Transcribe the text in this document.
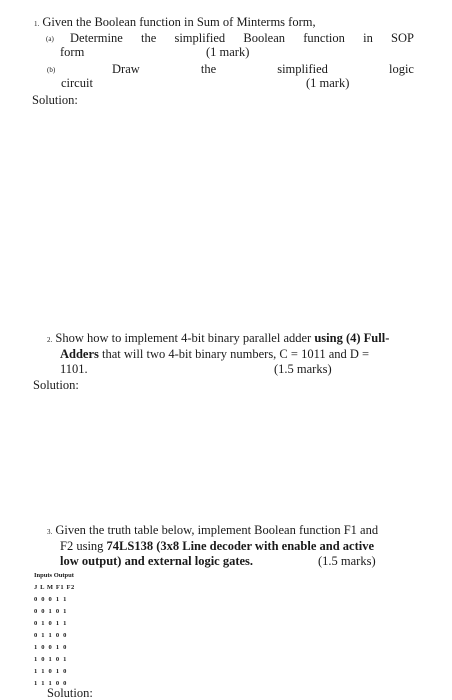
1. Given the Boolean function in Sum of Minterms form,
(a) Determine the simplified Boolean function in SOP
form	(1 mark)
(b)	Draw	the	simplified	logic
circuit	(1 mark)
Solution:
2. Show how to implement 4-bit binary parallel adder using (4) Full-
Adders that will two 4-bit binary numbers, C = 1011 and D =
1101.	(1.5 marks)
Solution:
3. Given the truth table below, implement Boolean function F1 and
F2 using 74LS138 (3x8 Line decoder with enable and active
low output) and external logic gates.	(1.5 marks)
Inputs Output
J L M F1 F2
0 0 0 1 1
0 0 1 0 1
0 1 0 1 1
0 1 1 0 0
1 0 0 1 0
1 0 1 0 1
1 1 0 1 0
1 1 1 0 0
Solution:
